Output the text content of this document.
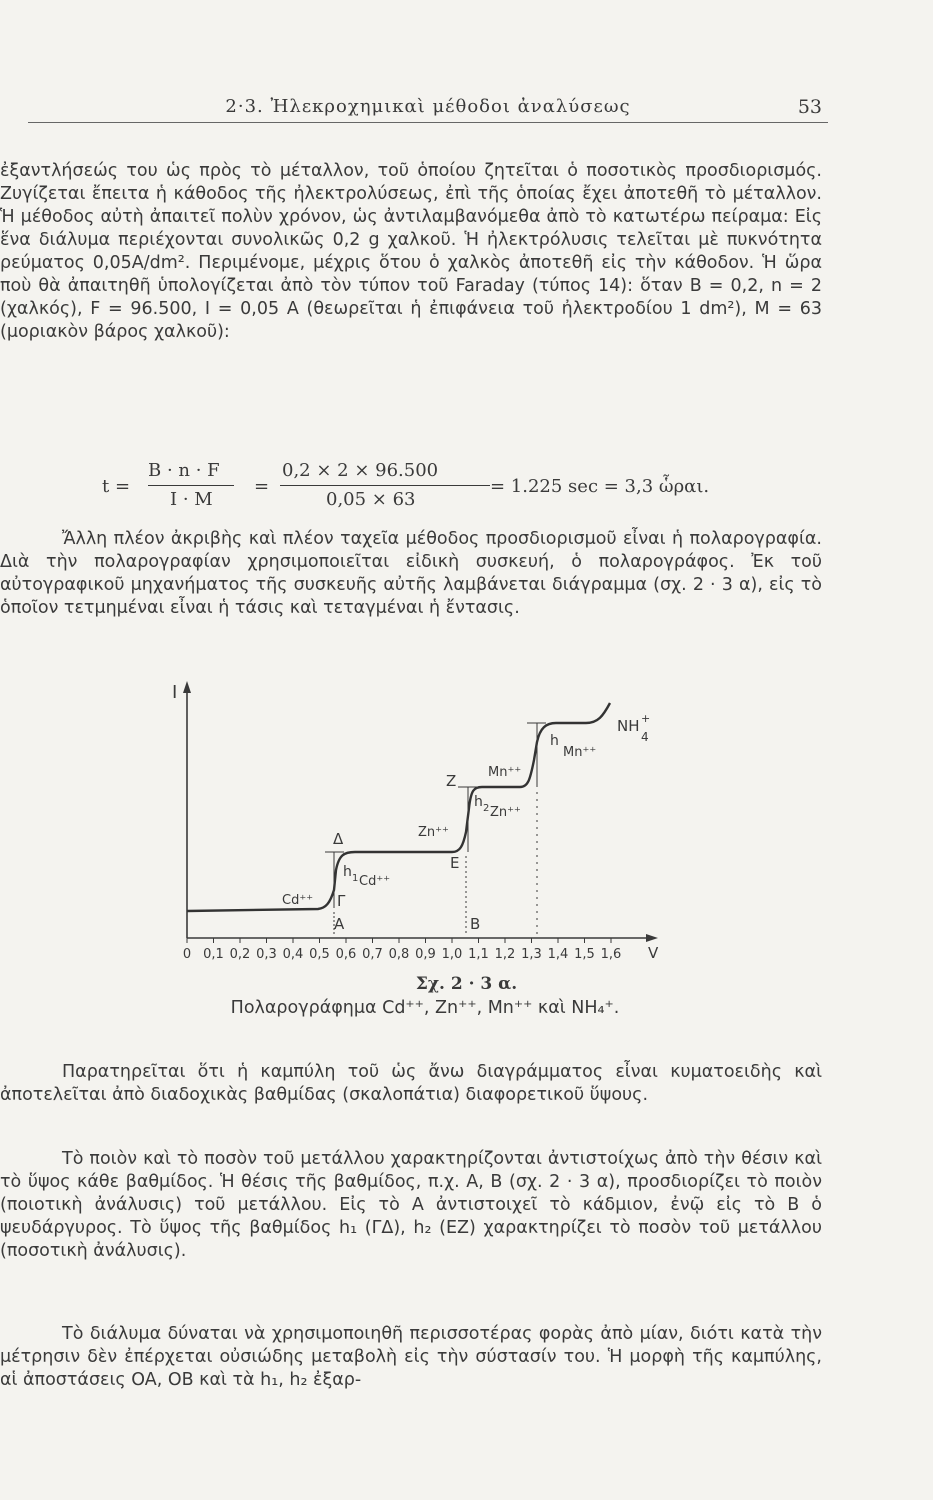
2·3. Ἠλεκροχημικαὶ μέθοδοι ἀναλύσεως	53
ἐξαντλήσεώς του ὡς πρὸς τὸ μέταλλον, τοῦ ὁποίου ζητεῖται ὁ ποσοτικὸς προσδιορισμός. Ζυγίζεται ἔπειτα ἡ κάθοδος τῆς ἠλεκτρολύσεως, ἐπὶ τῆς ὁποίας ἔχει ἀποτεθῆ τὸ μέταλλον. Ἡ μέθοδος αὐτὴ ἀπαιτεῖ πολὺν χρόνον, ὡς ἀντιλαμβανόμεθα ἀπὸ τὸ κατωτέρω πείραμα: Εἰς ἕνα διάλυμα περιέχονται συνολικῶς 0,2 g χαλκοῦ. Ἡ ἠλεκτρόλυσις τελεῖται μὲ πυκνότητα ρεύματος 0,05A/dm². Περιμένομε, μέχρις ὅτου ὁ χαλκὸς ἀποτεθῆ εἰς τὴν κάθοδον. Ἡ ὥρα ποὺ θὰ ἀπαιτηθῆ ὑπολογίζεται ἀπὸ τὸν τύπον τοῦ Faraday (τύπος 14): ὅταν B = 0,2, n = 2 (χαλκός), F = 96.500, I = 0,05 A (θεωρεῖται ἡ ἐπιφάνεια τοῦ ἠλεκτροδίου 1 dm²), M = 63 (μοριακὸν βάρος χαλκοῦ):
t =
B · n · F
I · M
=
0,2 × 2 × 96.500
0,05 × 63
= 1.225 sec = 3,3 ὧραι.
Ἄλλη πλέον ἀκριβὴς καὶ πλέον ταχεῖα μέθοδος προσδιορισμοῦ εἶναι ἡ πολαρογραφία. Διὰ τὴν πολαρογραφίαν χρησιμοποιεῖται εἰδικὴ συσκευή, ὁ πολαρογράφος. Ἐκ τοῦ αὐτογραφικοῦ μηχανήματος τῆς συσκευῆς αὐτῆς λαμβάνεται διάγραμμα (σχ. 2 · 3 α), εἰς τὸ ὁποῖον τετμημέναι εἶναι ἡ τάσις καὶ τεταγμέναι ἡ ἔντασις.
I
0 0,1 0,2 0,3 0,4 0,5 0,6 0,7 0,8 0,9 1,0 1,1 1,2 1,3 1,4 1,5 1,6 V
Cd⁺⁺ Γ
A
Δ
h 1 Cd⁺⁺
Zn⁺⁺
E
B
Z
h 2 Zn⁺⁺
Mn⁺⁺
h
Mn⁺⁺
NH +
4
Σχ. 2 · 3 α.
Πολαρογράφημα Cd⁺⁺, Zn⁺⁺, Mn⁺⁺ καὶ NH₄⁺.
Παρατηρεῖται ὅτι ἡ καμπύλη τοῦ ὡς ἄνω διαγράμματος εἶναι κυματοειδὴς καὶ ἀποτελεῖται ἀπὸ διαδοχικὰς βαθμίδας (σκαλοπάτια) διαφορετικοῦ ὕψους.
Τὸ ποιὸν καὶ τὸ ποσὸν τοῦ μετάλλου χαρακτηρίζονται ἀντιστοίχως ἀπὸ τὴν θέσιν καὶ τὸ ὕψος κάθε βαθμίδος. Ἡ θέσις τῆς βαθμίδος, π.χ. A, B (σχ. 2 · 3 α), προσδιορίζει τὸ ποιὸν (ποιοτικὴ ἀνάλυσις) τοῦ μετάλλου. Εἰς τὸ A ἀντιστοιχεῖ τὸ κάδμιον, ἐνῷ εἰς τὸ B ὁ ψευδάργυρος. Τὸ ὕψος τῆς βαθμίδος h₁ (ΓΔ), h₂ (ΕΖ) χαρακτηρίζει τὸ ποσὸν τοῦ μετάλλου (ποσοτικὴ ἀνάλυσις).
Τὸ διάλυμα δύναται νὰ χρησιμοποιηθῆ περισσοτέρας φορὰς ἀπὸ μίαν, διότι κατὰ τὴν μέτρησιν δὲν ἐπέρχεται οὐσιώδης μεταβολὴ εἰς τὴν σύστασίν του. Ἡ μορφὴ τῆς καμπύλης, αἱ ἀποστάσεις OA, OB καὶ τὰ h₁, h₂ ἐξαρ-
